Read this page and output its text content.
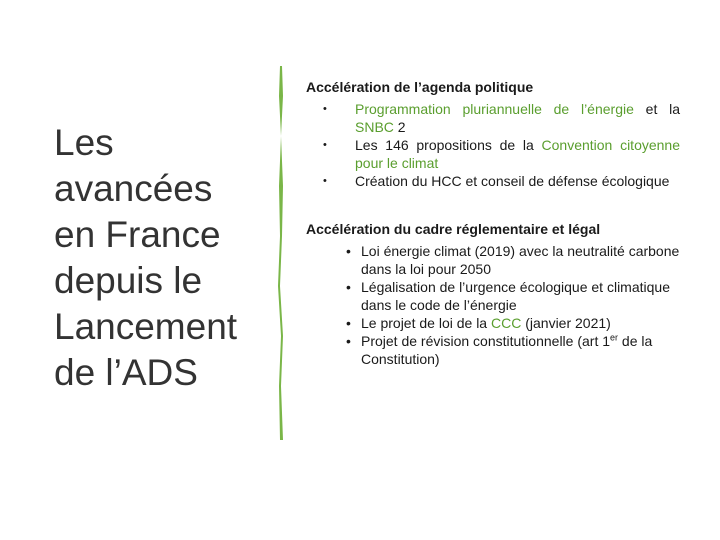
Les
avancées
en France
depuis le
Lancement
de l’ADS
Accélération de l’agenda politique
• Programmation pluriannuelle de l’énergie et la SNBC 2
• Les 146 propositions de la Convention citoyenne pour le climat
• Création du HCC et conseil de défense écologique
Accélération du cadre réglementaire et légal
• Loi énergie climat (2019) avec la neutralité carbone dans la loi pour 2050
• Légalisation de l’urgence écologique et climatique dans le code de l’énergie
• Le projet de loi de la CCC (janvier 2021)
• Projet de révision constitutionnelle (art 1er de la Constitution)
